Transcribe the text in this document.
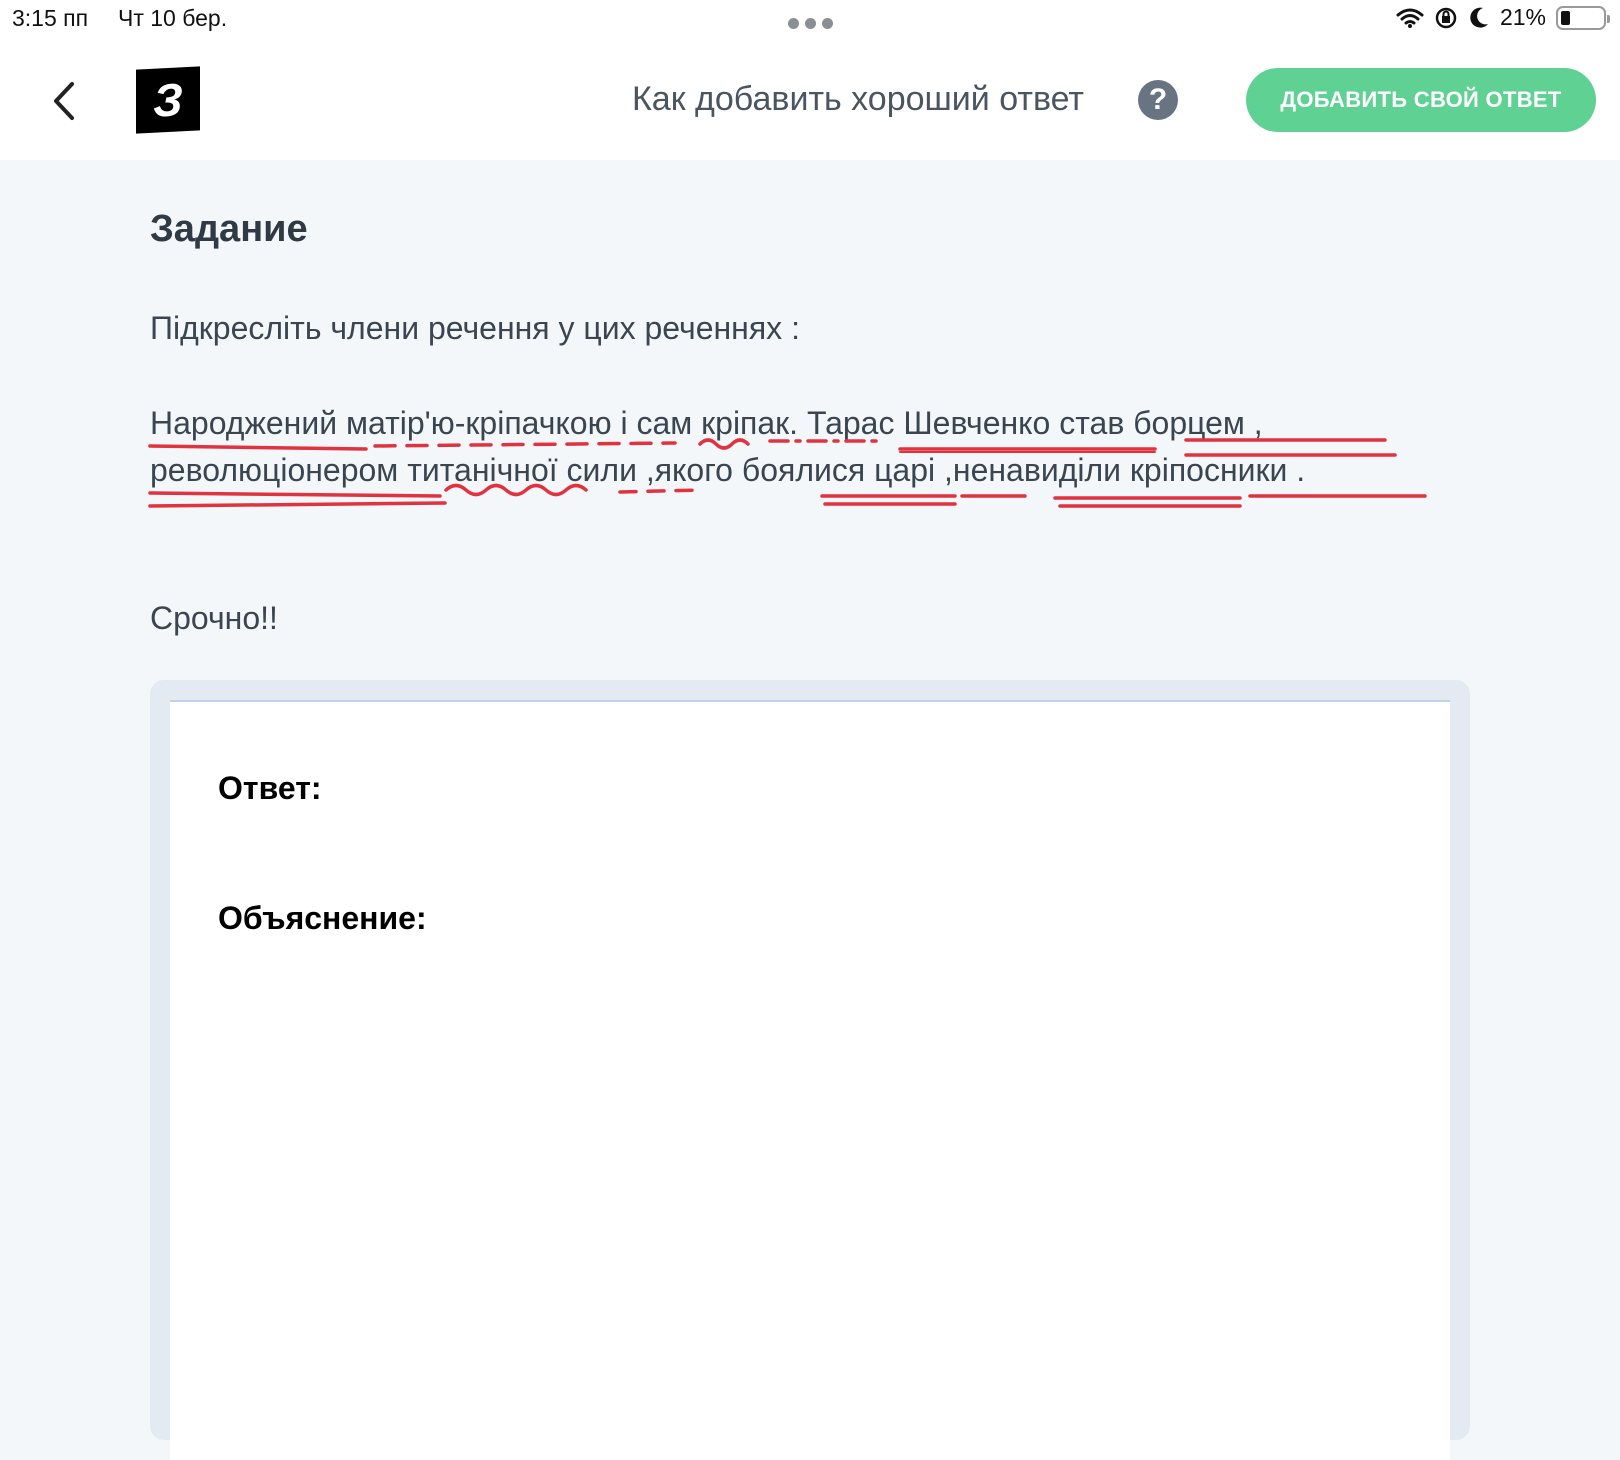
3:15 пп Чт 10 бер.	21%
З	Как добавить хороший ответ ?	ДОБАВИТЬ СВОЙ ОТВЕТ
Задание
Підкресліть члени речення у цих реченнях :
Народжений матір'ю-кріпачкою і сам кріпак. Тарас Шевченко став борцем ,
революціонером титанічної сили ,якого боялися царі ,ненавиділи кріпосники .
Срочно!!
Ответ:
Объяснение:
